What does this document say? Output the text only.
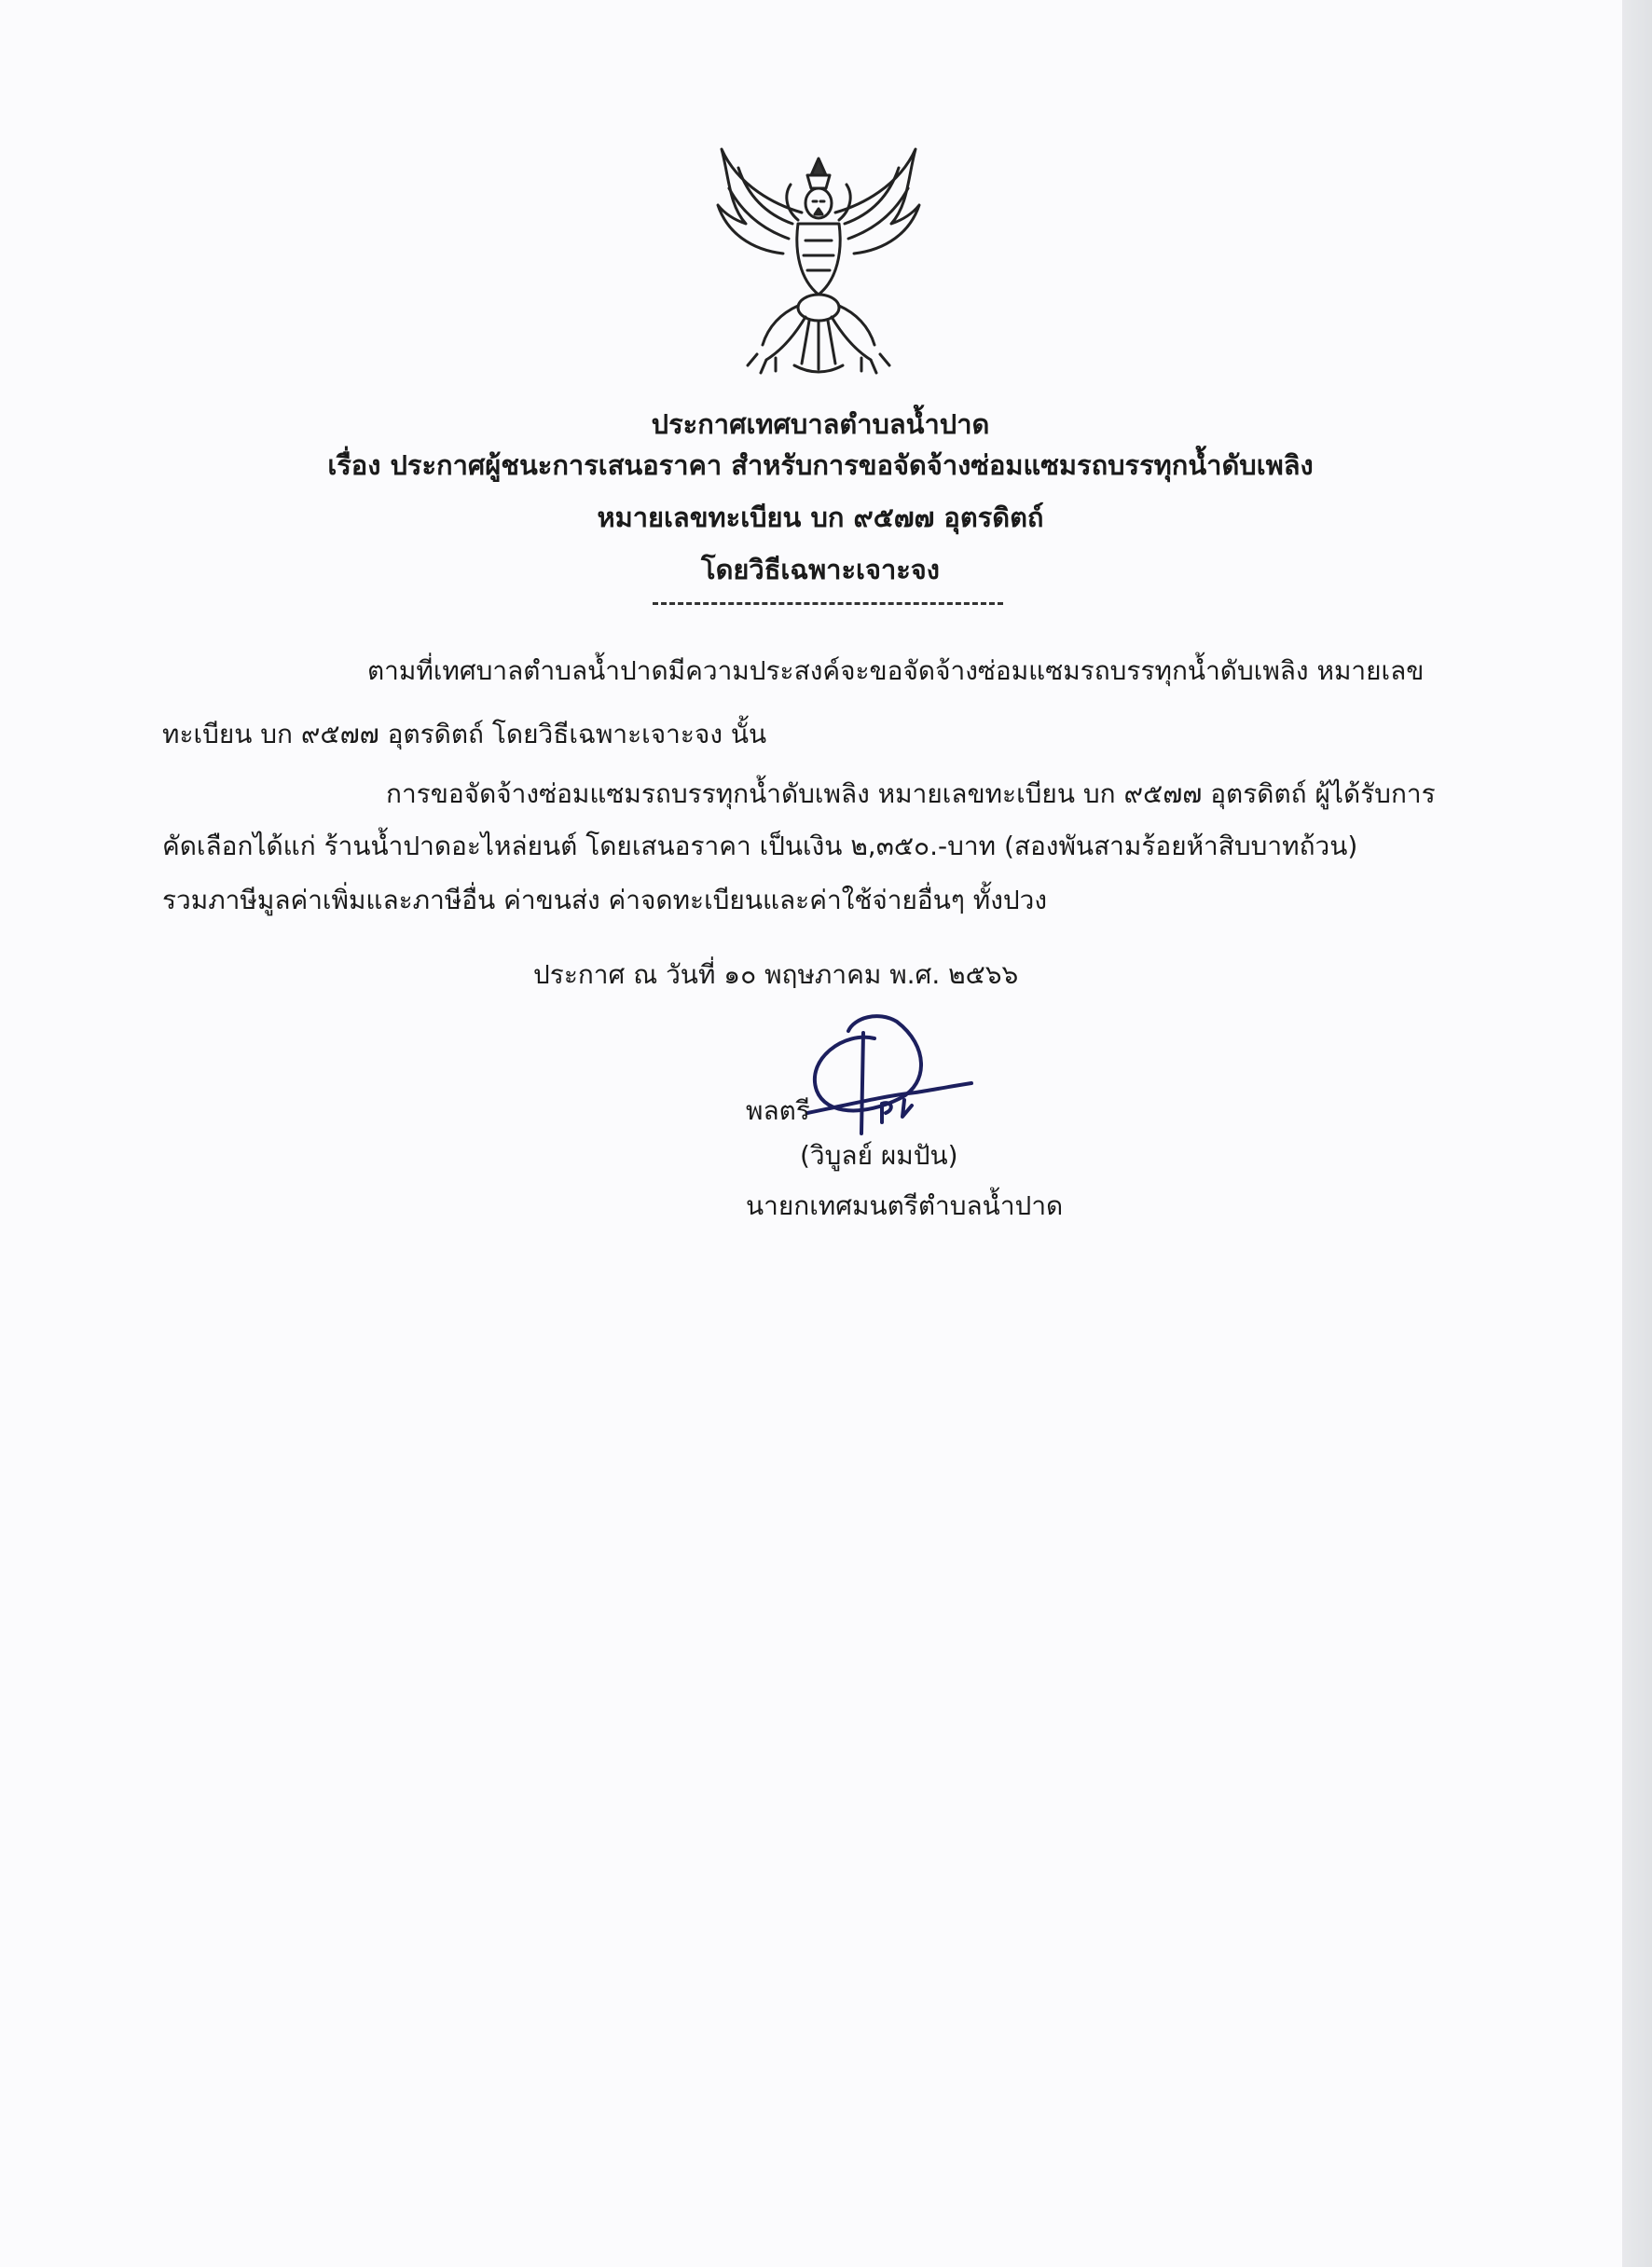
ประกาศเทศบาลตำบลน้ำปาด
เรื่อง ประกาศผู้ชนะการเสนอราคา สำหรับการขอจัดจ้างซ่อมแซมรถบรรทุกน้ำดับเพลิง
หมายเลขทะเบียน บก ๙๕๗๗ อุตรดิตถ์
โดยวิธีเฉพาะเจาะจง
ตามที่เทศบาลตำบลน้ำปาดมีความประสงค์จะขอจัดจ้างซ่อมแซมรถบรรทุกน้ำดับเพลิง หมายเลข
ทะเบียน บก ๙๕๗๗ อุตรดิตถ์ โดยวิธีเฉพาะเจาะจง นั้น
การขอจัดจ้างซ่อมแซมรถบรรทุกน้ำดับเพลิง หมายเลขทะเบียน บก ๙๕๗๗ อุตรดิตถ์ ผู้ได้รับการ
คัดเลือกได้แก่ ร้านน้ำปาดอะไหล่ยนต์ โดยเสนอราคา เป็นเงิน ๒,๓๕๐.-บาท (สองพันสามร้อยห้าสิบบาทถ้วน)
รวมภาษีมูลค่าเพิ่มและภาษีอื่น ค่าขนส่ง ค่าจดทะเบียนและค่าใช้จ่ายอื่นๆ ทั้งปวง
ประกาศ ณ วันที่ ๑๐ พฤษภาคม พ.ศ. ๒๕๖๖
พลตรี
(วิบูลย์ ผมปัน)
นายกเทศมนตรีตำบลน้ำปาด
